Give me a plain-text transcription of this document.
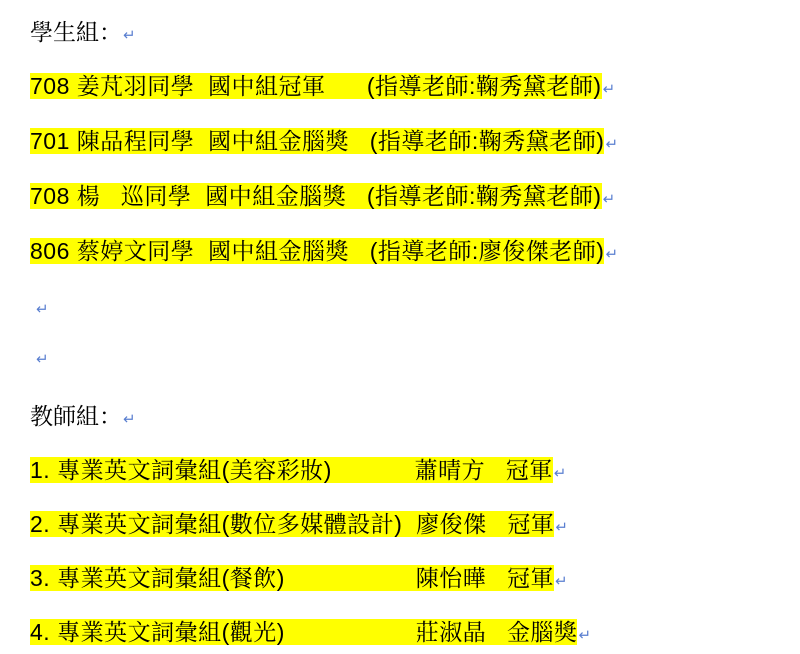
學生組：↵
708 姜芃羽同學  國中組冠軍      (指導老師:鞠秀黛老師)↵
701 陳品程同學  國中組金腦獎   (指導老師:鞠秀黛老師)↵
708 楊   巡同學  國中組金腦獎   (指導老師:鞠秀黛老師)↵
806 蔡婷文同學  國中組金腦獎   (指導老師:廖俊傑老師)↵
↵
↵
教師組：↵
1. 專業英文詞彙組(美容彩妝)            蕭晴方   冠軍↵
2. 專業英文詞彙組(數位多媒體設計)  廖俊傑   冠軍↵
3. 專業英文詞彙組(餐飲)                   陳怡曄   冠軍↵
4. 專業英文詞彙組(觀光)                   莊淑晶   金腦獎↵
